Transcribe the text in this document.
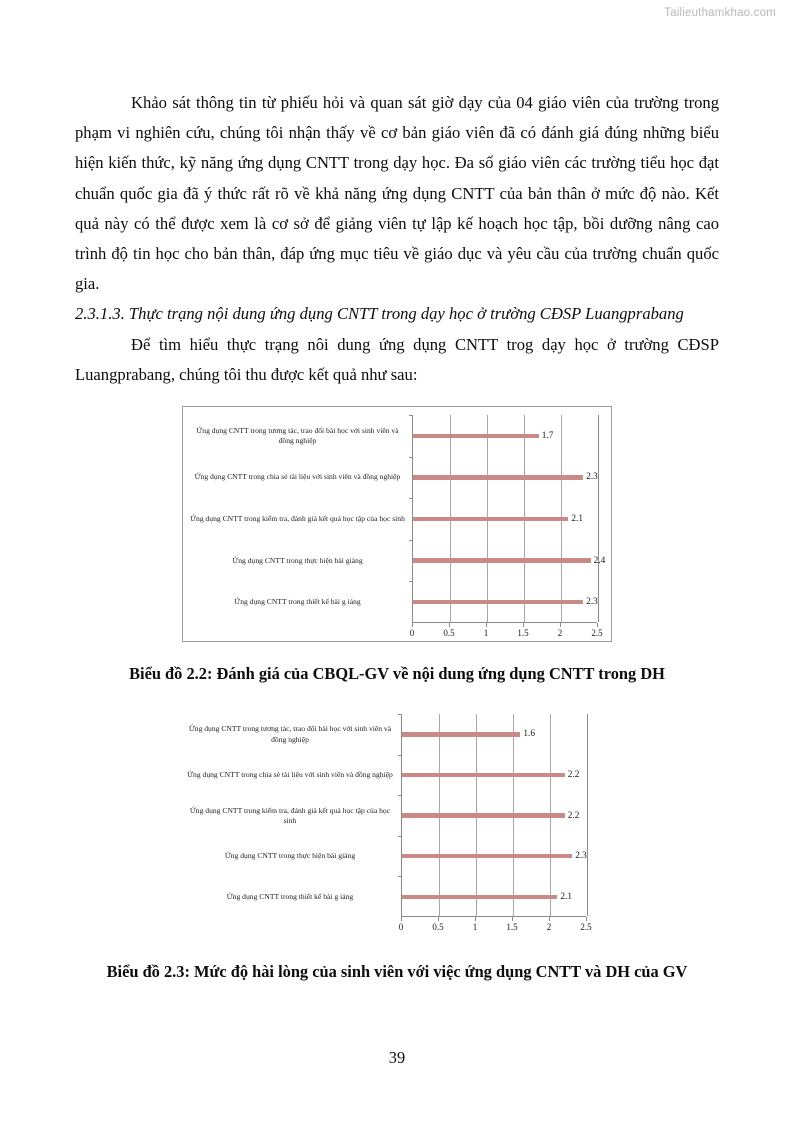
Tailieuthamkhao.com

Khảo sát thông tin từ phiếu hỏi và quan sát giờ dạy của 04 giáo viên của trường trong phạm vi nghiên cứu, chúng tôi nhận thấy về cơ bản giáo viên đã có đánh giá đúng những biểu hiện kiến thức, kỹ năng ứng dụng CNTT trong dạy học. Đa số giáo viên các trường tiểu học đạt chuẩn quốc gia đã ý thức rất rõ về khả năng ứng dụng CNTT của bản thân ở mức độ nào. Kết quả này có thể được xem là cơ sở để giảng viên tự lập kế hoạch học tập, bồi dưỡng nâng cao trình độ tin học cho bản thân, đáp ứng mục tiêu về giáo dục và yêu cầu của trường chuẩn quốc gia.

2.3.1.3. Thực trạng nội dung ứng dụng CNTT trong dạy học ở trường CĐSP Luangprabang

Để tìm hiểu thực trạng nôi dung ứng dụng CNTT trog dạy học ở trường CĐSP Luangprabang, chúng tôi thu được kết quả như sau:

2.3
Ứng dụng CNTT trong thiết kế bài g iảng
2.4
Ứng dụng CNTT trong thực hiện bài giảng
2.1
Ứng dụng CNTT trong kiểm tra, đánh giá kết quả học tập của học sinh
2.3
Ứng dụng CNTT trong chia sẻ tài liệu với sinh viên và đồng nghiệp
1.7
Ứng dụng CNTT trong tương tác, trao đổi bài học với sinh viên và đồng nghiệp
0	0.5	1	1.5	2	2.5

Biểu đồ 2.2: Đánh giá của CBQL-GV về nội dung ứng dụng CNTT trong DH

2.1
Ứng dụng CNTT trong thiết kế bài g iảng
2.3
Ứng dụng CNTT trong thực hiện bài giảng
2.2
Ứng dụng CNTT trong kiểm tra, đánh giá kết quả học tập của học sinh
2.2
Ứng dụng CNTT trong chia sẻ tài liệu với sinh viên và đồng nghiệp
1.6
Ứng dụng CNTT trong tương tác, trao đổi bài học với sinh viên và đồng nghiệp
0	0.5	1	1.5	2	2.5

Biểu đồ 2.3: Mức độ hài lòng của sinh viên với việc ứng dụng CNTT và DH của GV

39
